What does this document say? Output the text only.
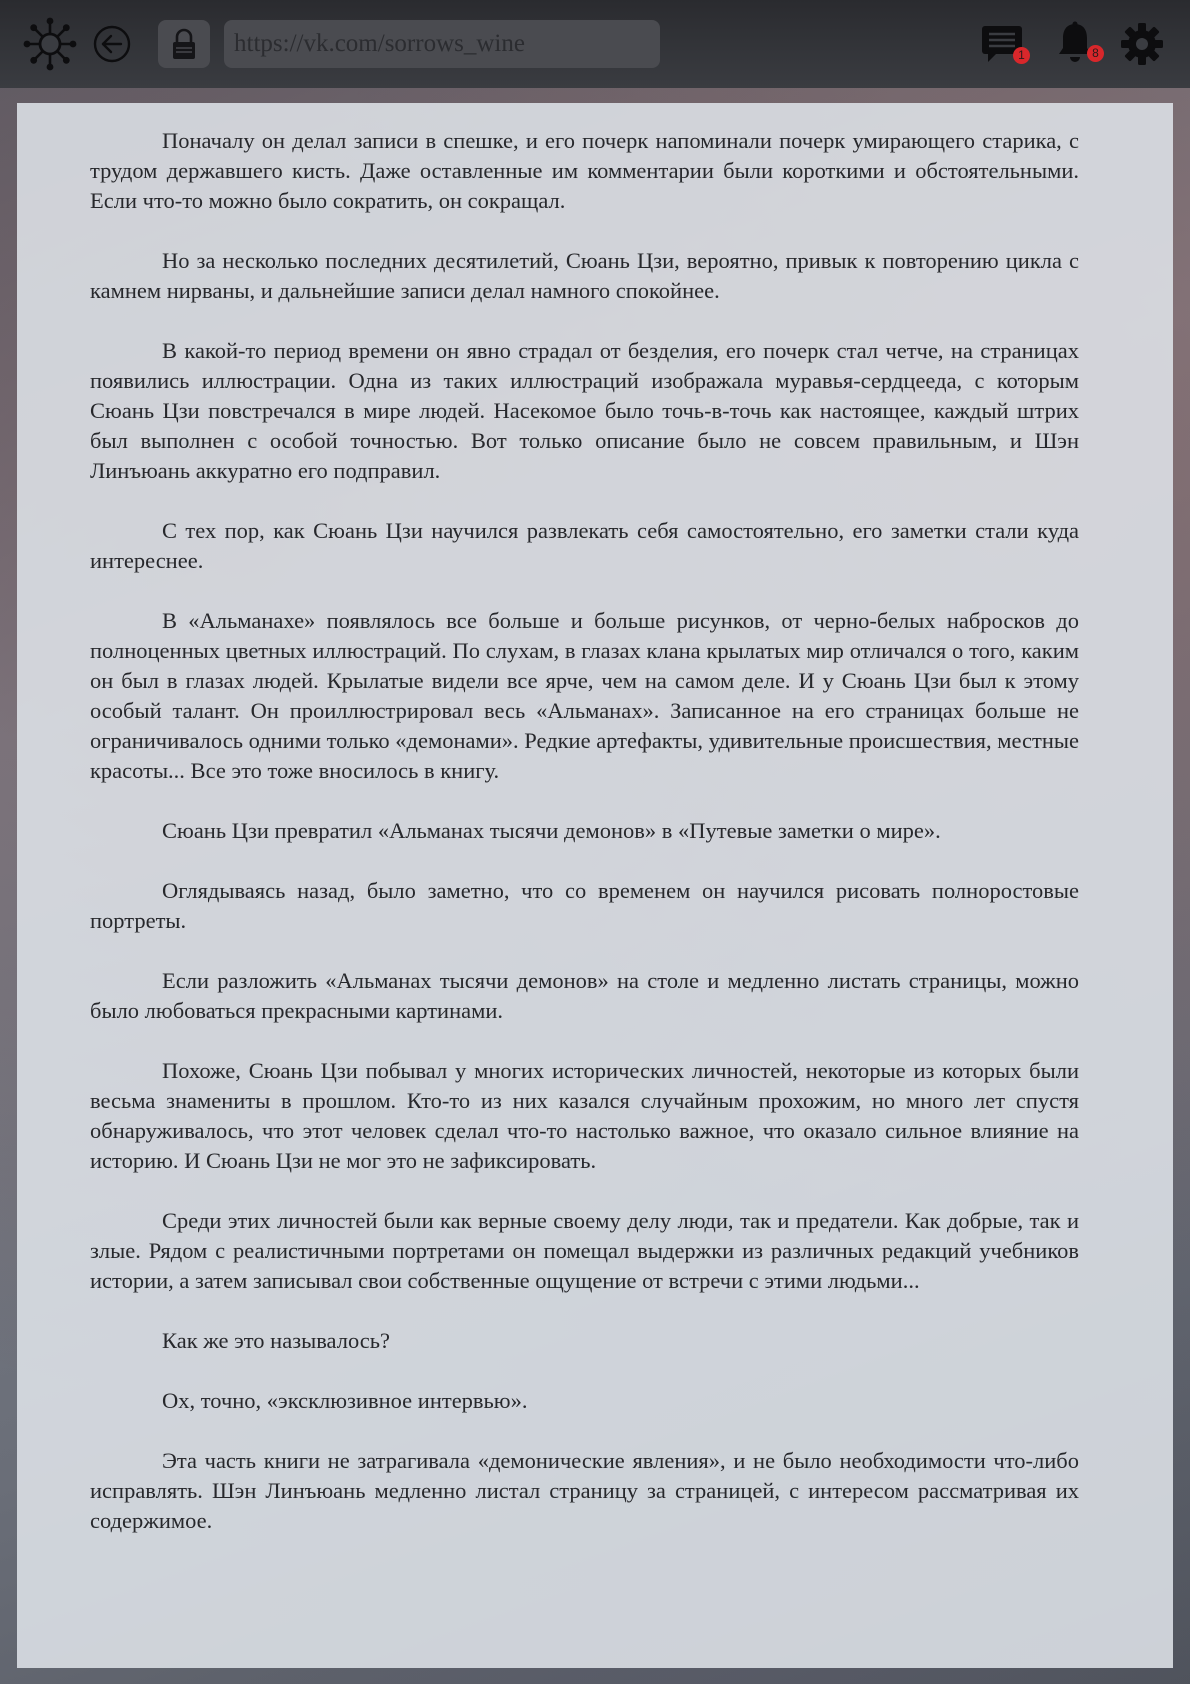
https://vk.com/sorrows_wine
1	8

Поначалу он делал записи в спешке, и его почерк напоминали почерк умирающего старика, с трудом державшего кисть. Даже оставленные им комментарии были короткими и обстоятельными. Если что-то можно было сократить, он сокращал.

Но за несколько последних десятилетий, Сюань Цзи, вероятно, привык к повторению цикла с камнем нирваны, и дальнейшие записи делал намного спокойнее.

В какой-то период времени он явно страдал от безделия, его почерк стал четче, на страницах появились иллюстрации. Одна из таких иллюстраций изображала муравья-сердцееда, с которым Сюань Цзи повстречался в мире людей. Насекомое было точь-в-точь как настоящее, каждый штрих был выполнен с особой точностью. Вот только описание было не совсем правильным, и Шэн Линъюань аккуратно его подправил.

С тех пор, как Сюань Цзи научился развлекать себя самостоятельно, его заметки стали куда интереснее.

В «Альманахе» появлялось все больше и больше рисунков, от черно-белых набросков до полноценных цветных иллюстраций. По слухам, в глазах клана крылатых мир отличался о того, каким он был в глазах людей. Крылатые видели все ярче, чем на самом деле. И у Сюань Цзи был к этому особый талант. Он проиллюстрировал весь «Альманах». Записанное на его страницах больше не ограничивалось одними только «демонами». Редкие артефакты, удивительные происшествия, местные красоты... Все это тоже вносилось в книгу.

Сюань Цзи превратил «Альманах тысячи демонов» в «Путевые заметки о мире».

Оглядываясь назад, было заметно, что со временем он научился рисовать полноростовые портреты.

Если разложить «Альманах тысячи демонов» на столе и медленно листать страницы, можно было любоваться прекрасными картинами.

Похоже, Сюань Цзи побывал у многих исторических личностей, некоторые из которых были весьма знамениты в прошлом. Кто-то из них казался случайным прохожим, но много лет спустя обнаруживалось, что этот человек сделал что-то настолько важное, что оказало сильное влияние на историю. И Сюань Цзи не мог это не зафиксировать.

Среди этих личностей были как верные своему делу люди, так и предатели. Как добрые, так и злые. Рядом с реалистичными портретами он помещал выдержки из различных редакций учебников истории, а затем записывал свои собственные ощущение от встречи с этими людьми...

Как же это называлось?

Ох, точно, «эксклюзивное интервью».

Эта часть книги не затрагивала «демонические явления», и не было необходимости что-либо исправлять. Шэн Линъюань медленно листал страницу за страницей, с интересом рассматривая их содержимое.
